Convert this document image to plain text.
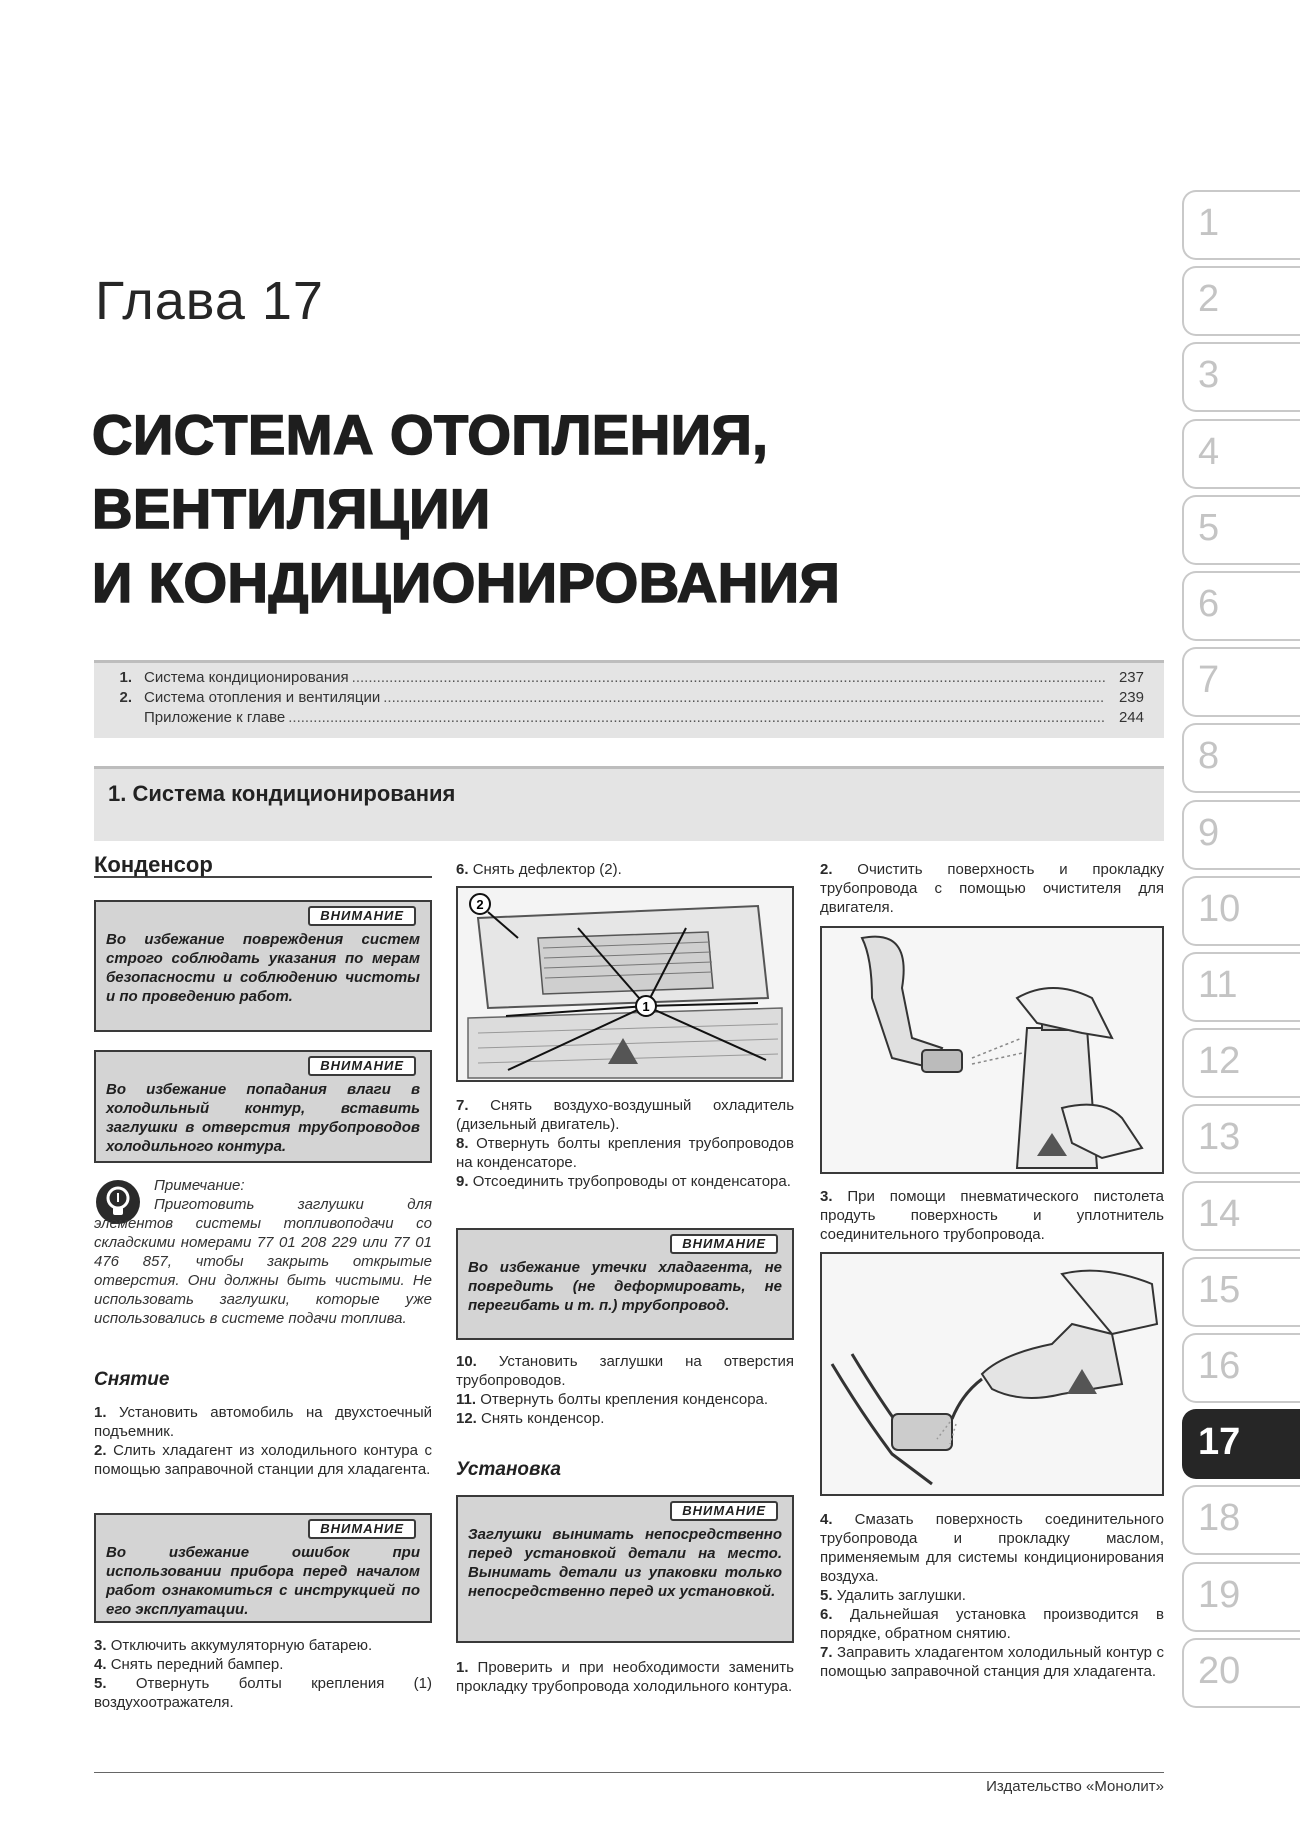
Глава 17
СИСТЕМА ОТОПЛЕНИЯ,
ВЕНТИЛЯЦИИ
И КОНДИЦИОНИРОВАНИЯ
1. Система кондиционирования .....	237
2. Система отопления и вентиляции .....	239
Приложение к главе .....	244
1. Система кондиционирования
1
2
3
4
5
6
7
8
9
10
11
12
13
14
15
16
17
18
19
20
Конденсор
ВНИМАНИЕ
Во избежание повреждения систем строго соблюдать указания по мерам безопасности и соблюдению чистоты и по проведению работ.
ВНИМАНИЕ
Во избежание попадания влаги в холодильный контур, вставить заглушки в отверстия трубопроводов холодильного контура.
Примечание:
Приготовить заглушки для элементов системы топливоподачи со складскими номерами 77 01 208 229 или 77 01 476 857, чтобы закрыть открытые отверстия. Они должны быть чистыми. Не использовать заглушки, которые уже использовались в системе подачи топлива.
Снятие

1. Установить автомобиль на двухстоечный подъемник.

2. Слить хладагент из холодильного контура с помощью заправочной станции для хладагента.

ВНИМАНИЕ
Во избежание ошибок при использовании прибора перед началом работ ознакомиться с инструкцией по его эксплуатации.

3. Отключить аккумуляторную батарею.

4. Снять передний бампер.

5. Отвернуть болты крепления (1) воздухоотражателя.

6. Снять дефлектор (2).

1
2

7. Снять воздухо-воздушный охладитель (дизельный двигатель).

8. Отвернуть болты крепления трубопроводов на конденсаторе.

9. Отсоединить трубопроводы от конденсатора.

ВНИМАНИЕ
Во избежание утечки хладагента, не повредить (не деформировать, не перегибать и т. п.) трубопровод.

10. Установить заглушки на отверстия трубопроводов.

11. Отвернуть болты крепления конденсора.

12. Снять конденсор.

Установка
ВНИМАНИЕ
Заглушки вынимать непосредственно перед установкой детали на место. Вынимать детали из упаковки только непосредственно перед их установкой.

1. Проверить и при необходимости заменить прокладку трубопровода холодильного контура.

2. Очистить поверхность и прокладку трубопровода с помощью очистителя для двигателя.

3. При помощи пневматического пистолета продуть поверхность и уплотнитель соединительного трубопровода.

4. Смазать поверхность соединительного трубопровода и прокладку маслом, применяемым для системы кондиционирования воздуха.

5. Удалить заглушки.

6. Дальнейшая установка производится в порядке, обратном снятию.

7. Заправить хладагентом холодильный контур с помощью заправочной станция для хладагента.

Издательство «Монолит»
